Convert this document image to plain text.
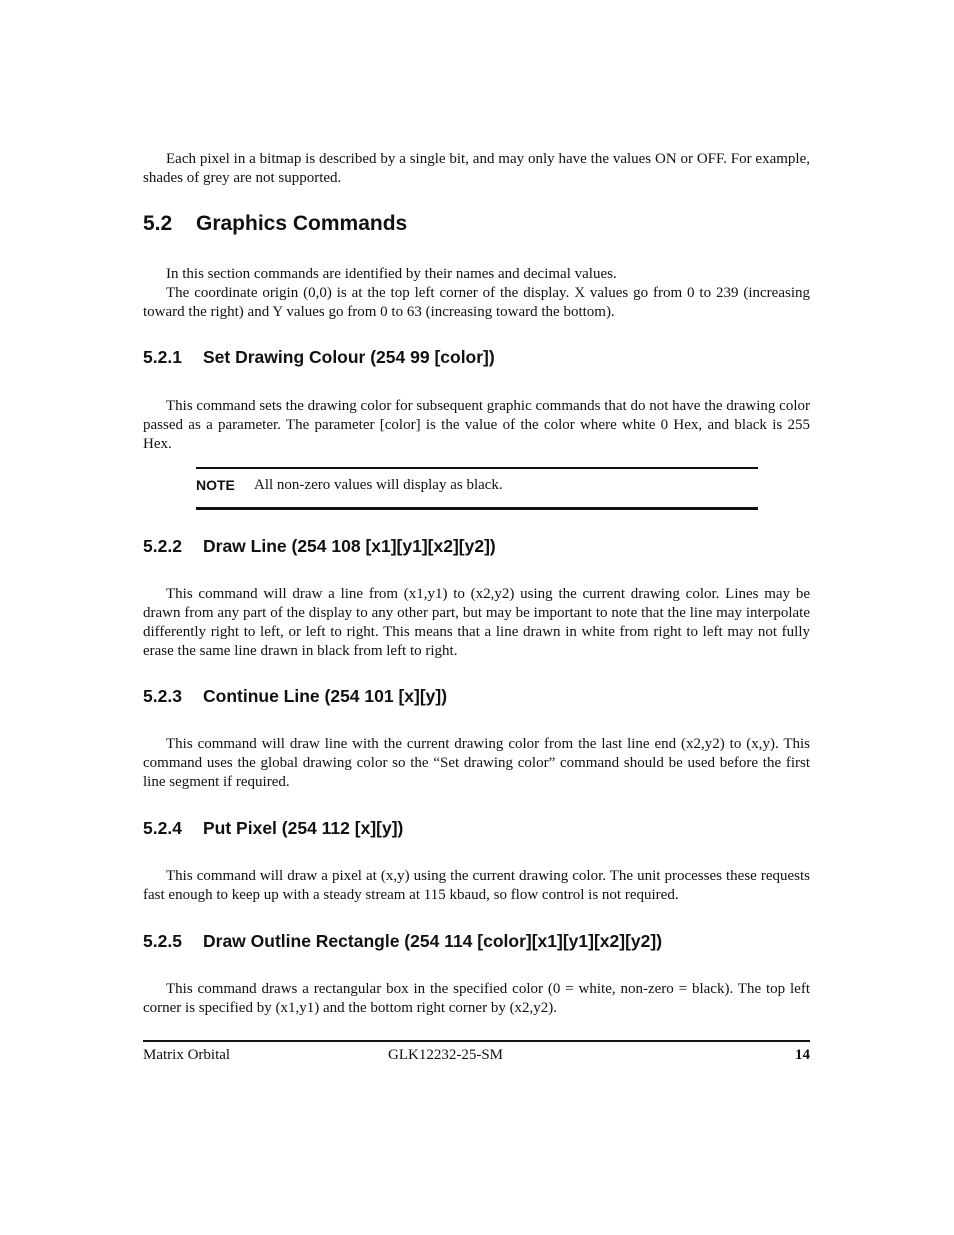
Each pixel in a bitmap is described by a single bit, and may only have the values ON or OFF. For example, shades of grey are not supported.

5.2 Graphics Commands

In this section commands are identified by their names and decimal values.

The coordinate origin (0,0) is at the top left corner of the display. X values go from 0 to 239 (increasing toward the right) and Y values go from 0 to 63 (increasing toward the bottom).

5.2.1 Set Drawing Colour (254 99 [color])

This command sets the drawing color for subsequent graphic commands that do not have the drawing color passed as a parameter. The parameter [color] is the value of the color where white 0 Hex, and black is 255 Hex.

NOTE All non-zero values will display as black.
5.2.2 Draw Line (254 108 [x1][y1][x2][y2])

This command will draw a line from (x1,y1) to (x2,y2) using the current drawing color. Lines may be drawn from any part of the display to any other part, but may be important to note that the line may interpolate differently right to left, or left to right. This means that a line drawn in white from right to left may not fully erase the same line drawn in black from left to right.

5.2.3 Continue Line (254 101 [x][y])

This command will draw line with the current drawing color from the last line end (x2,y2) to (x,y). This command uses the global drawing color so the “Set drawing color” command should be used before the first line segment if required.

5.2.4 Put Pixel (254 112 [x][y])

This command will draw a pixel at (x,y) using the current drawing color. The unit processes these requests fast enough to keep up with a steady stream at 115 kbaud, so flow control is not required.

5.2.5 Draw Outline Rectangle (254 114 [color][x1][y1][x2][y2])

This command draws a rectangular box in the specified color (0 = white, non-zero = black). The top left corner is specified by (x1,y1) and the bottom right corner by (x2,y2).

Matrix Orbital	GLK12232-25-SM	14
